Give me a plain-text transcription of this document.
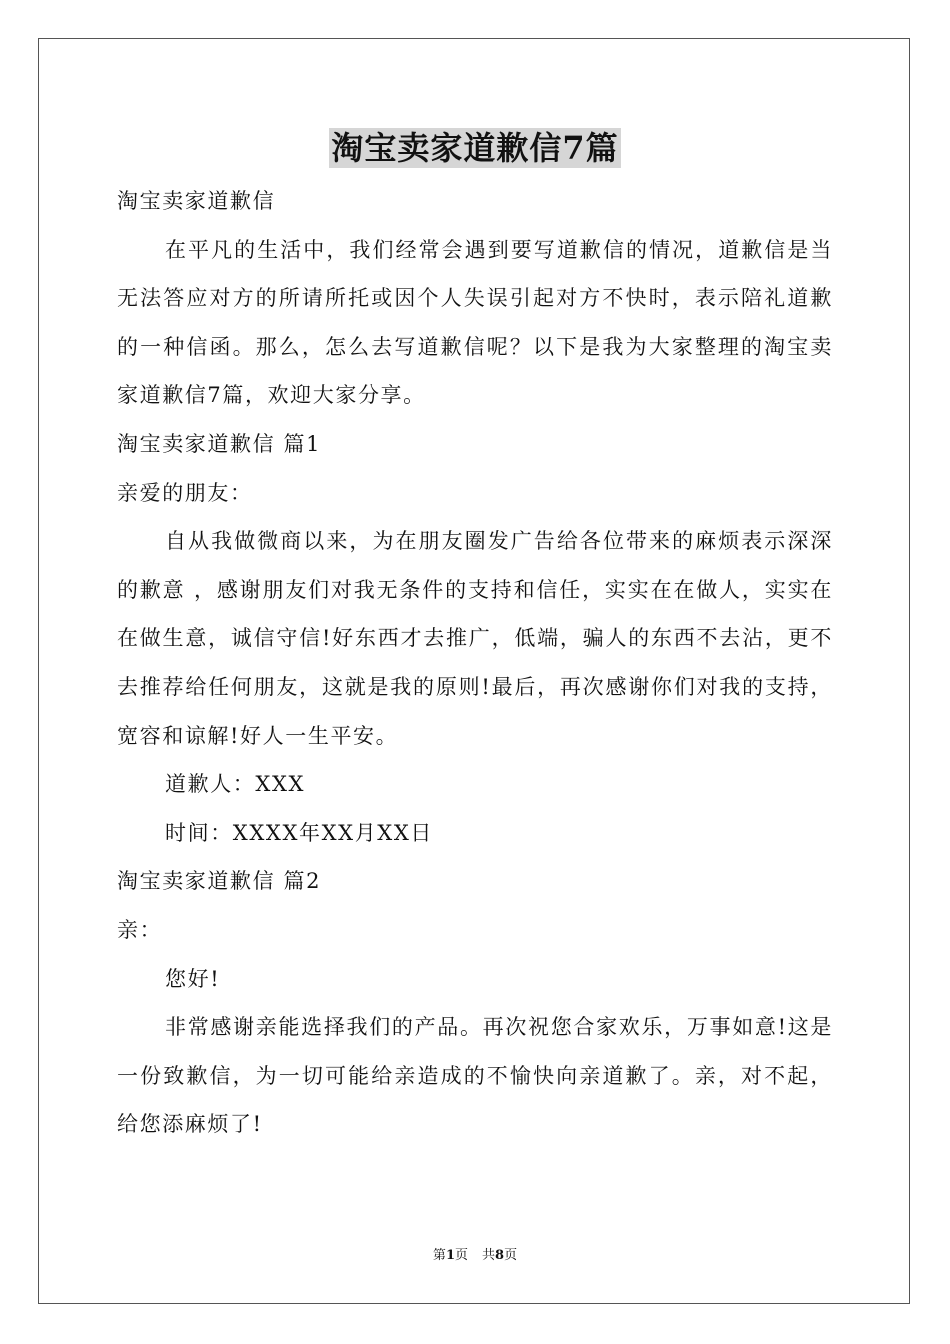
淘宝卖家道歉信7篇

淘宝卖家道歉信

在平凡的生活中，我们经常会遇到要写道歉信的情况，道歉信是当无法答应对方的所请所托或因个人失误引起对方不快时，表示陪礼道歉的一种信函。那么，怎么去写道歉信呢？以下是我为大家整理的淘宝卖家道歉信7篇，欢迎大家分享。

淘宝卖家道歉信 篇1

亲爱的朋友：

自从我做微商以来，为在朋友圈发广告给各位带来的麻烦表示深深的歉意 ，感谢朋友们对我无条件的支持和信任，实实在在做人，实实在在做生意，诚信守信!好东西才去推广，低端，骗人的东西不去沾，更不去推荐给任何朋友，这就是我的原则!最后，再次感谢你们对我的支持，宽容和谅解!好人一生平安。

道歉人：XXX

时间：XXXX年XX月XX日

淘宝卖家道歉信 篇2

亲：

您好!

非常感谢亲能选择我们的产品。再次祝您合家欢乐，万事如意!这是一份致歉信，为一切可能给亲造成的不愉快向亲道歉了。亲，对不起，给您添麻烦了!

第1页 共8页
